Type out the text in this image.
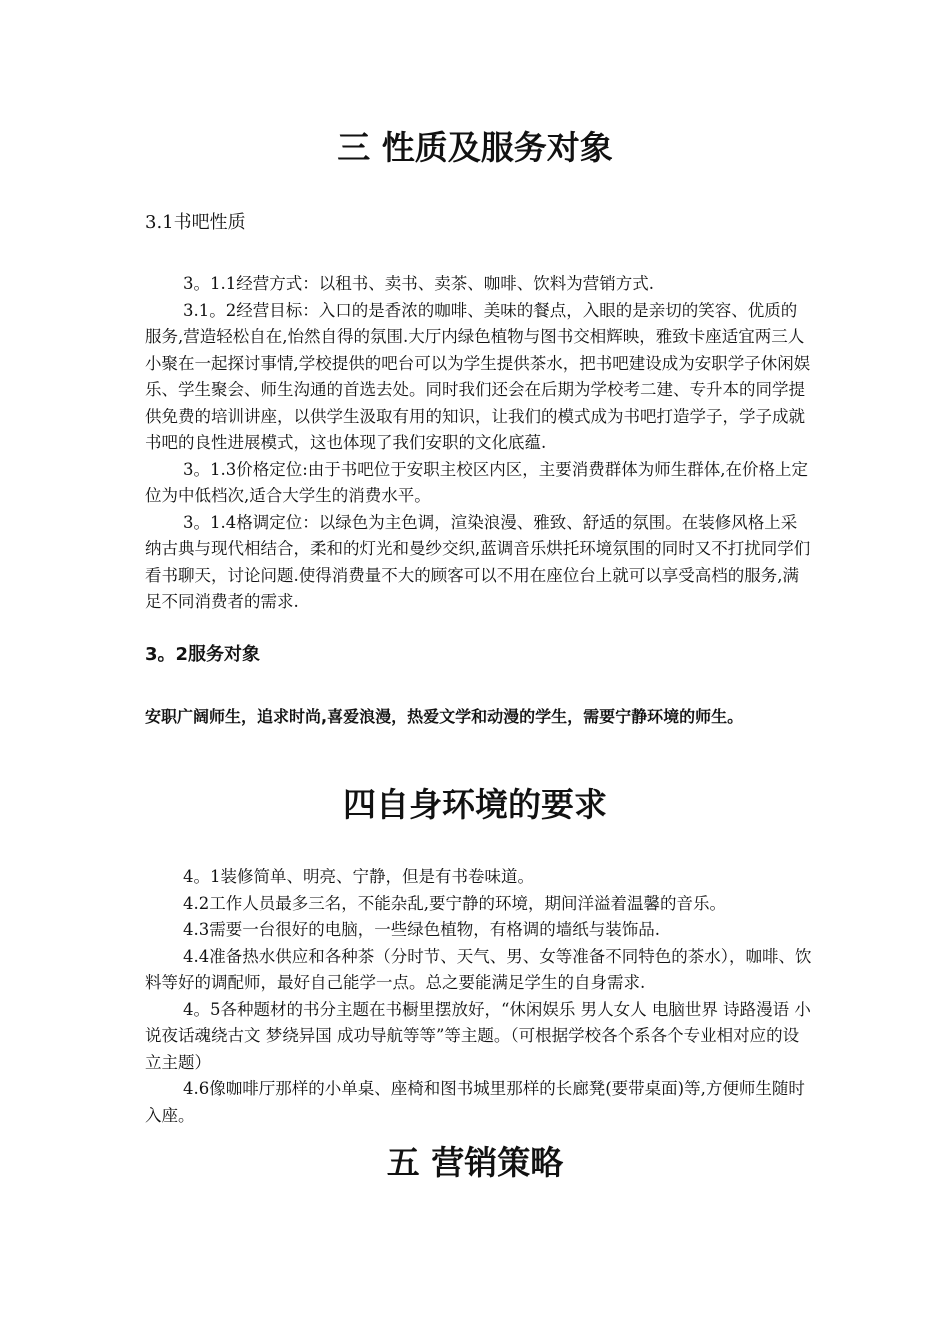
三 性质及服务对象
3.1书吧性质

3。1.1经营方式：以租书、卖书、卖茶、咖啡、饮料为营销方式.

3.1。2经营目标：入口的是香浓的咖啡、美味的餐点，入眼的是亲切的笑容、优质的服务,营造轻松自在,怡然自得的氛围.大厅内绿色植物与图书交相辉映，雅致卡座适宜两三人小聚在一起探讨事情,学校提供的吧台可以为学生提供茶水，把书吧建设成为安职学子休闲娱乐、学生聚会、师生沟通的首选去处。同时我们还会在后期为学校考二建、专升本的同学提供免费的培训讲座，以供学生汲取有用的知识，让我们的模式成为书吧打造学子，学子成就书吧的良性进展模式，这也体现了我们安职的文化底蕴.

3。1.3价格定位:由于书吧位于安职主校区内区，主要消费群体为师生群体,在价格上定位为中低档次,适合大学生的消费水平。

3。1.4格调定位：以绿色为主色调，渲染浪漫、雅致、舒适的氛围。在装修风格上采纳古典与现代相结合，柔和的灯光和曼纱交织,蓝调音乐烘托环境氛围的同时又不打扰同学们看书聊天，讨论问题.使得消费量不大的顾客可以不用在座位台上就可以享受高档的服务,满足不同消费者的需求.

3。2服务对象

安职广阔师生，追求时尚,喜爱浪漫，热爱文学和动漫的学生，需要宁静环境的师生。

四自身环境的要求

4。1装修简单、明亮、宁静，但是有书卷味道。

4.2工作人员最多三名，不能杂乱,要宁静的环境，期间洋溢着温馨的音乐。

4.3需要一台很好的电脑，一些绿色植物，有格调的墙纸与装饰品.

4.4准备热水供应和各种茶（分时节、天气、男、女等准备不同特色的茶水），咖啡、饮料等好的调配师，最好自己能学一点。总之要能满足学生的自身需求.

4。5各种题材的书分主题在书橱里摆放好，“休闲娱乐 男人女人 电脑世界 诗路漫语 小说夜话魂绕古文 梦绕异国 成功导航等等”等主题。（可根据学校各个系各个专业相对应的设立主题）

4.6像咖啡厅那样的小单桌、座椅和图书城里那样的长廊凳(要带桌面)等,方便师生随时入座。

五 营销策略
